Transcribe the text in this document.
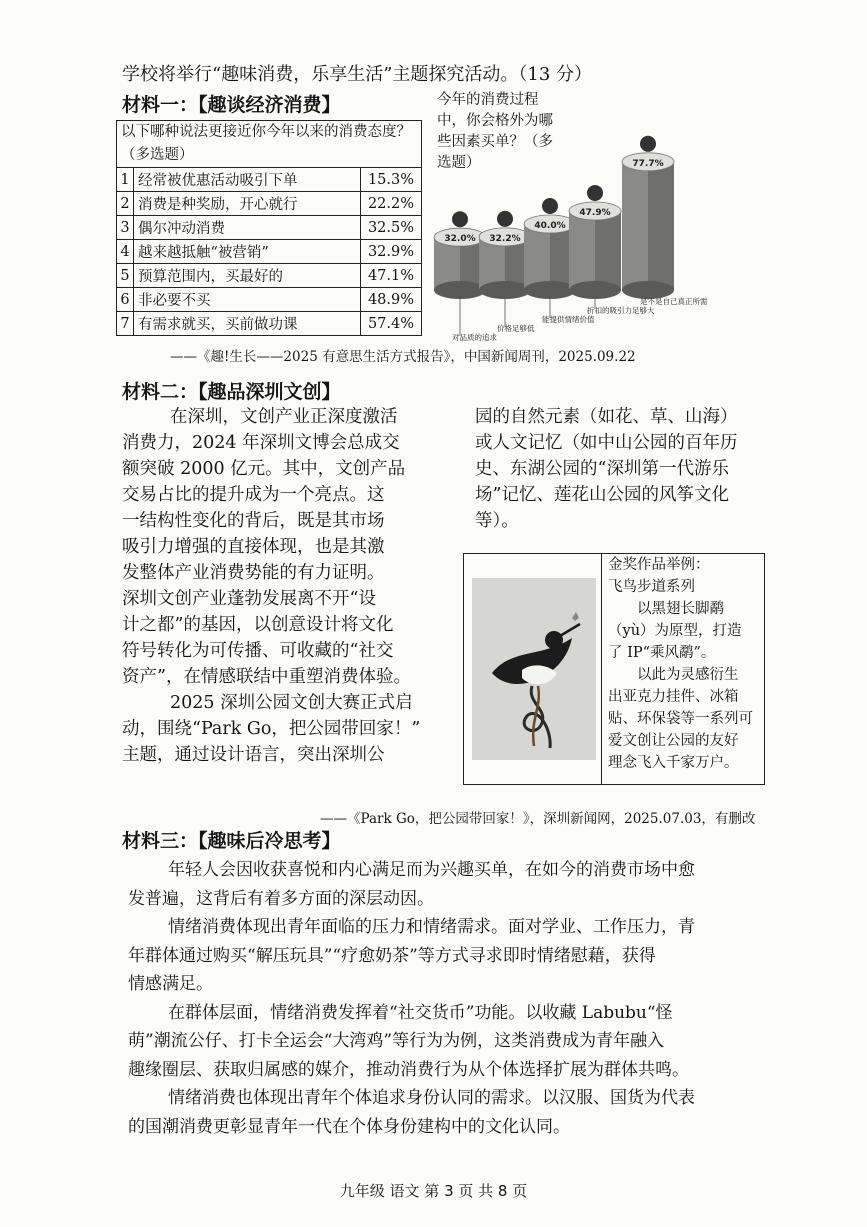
学校将举行“趣味消费，乐享生活”主题探究活动。（13 分）
材料一：【趣谈经济消费】
以下哪种说法更接近你今年以来的消费态度？（多选题）		
1	经常被优惠活动吸引下单	15.3%
2	消费是种奖励，开心就行	22.2%
3	偶尔冲动消费	32.5%
4	越来越抵触“被营销”	32.9%
5	预算范围内，买最好的	47.1%
6	非必要不买	48.9%
7	有需求就买，买前做功课	57.4%
今年的消费过程中，你会格外为哪些因素买单？（多选题）
32.0%
对品质的追求
32.2%
价格足够低
40.0%
能提供情绪价值
47.9%
折扣的吸引力足够大
77.7%
是不是自己真正所需
——《趣!生长——2025 有意思生活方式报告》，中国新闻周刊，2025.09.22
材料二：【趣品深圳文创】
在深圳，文创产业正深度激活
消费力，2024 年深圳文博会总成交
额突破 2000 亿元。其中，文创产品
交易占比的提升成为一个亮点。这
一结构性变化的背后，既是其市场
吸引力增强的直接体现，也是其激
发整体产业消费势能的有力证明。
深圳文创产业蓬勃发展离不开“设
计之都”的基因，以创意设计将文化
符号转化为可传播、可收藏的“社交
资产”，在情感联结中重塑消费体验。
2025 深圳公园文创大赛正式启
动，围绕“Park Go，把公园带回家！”
主题，通过设计语言，突出深圳公
园的自然元素（如花、草、山海）
或人文记忆（如中山公园的百年历
史、东湖公园的“深圳第一代游乐
场”记忆、莲花山公园的风筝文化
等）。
金奖作品举例：
飞鸟步道系列
以黑翅长脚鹬
（yù）为原型，打造
了 IP“乘风鹬”。
以此为灵感衍生
出亚克力挂件、冰箱
贴、环保袋等一系列可
爱文创让公园的友好
理念飞入千家万户。
——《Park Go，把公园带回家！》，深圳新闻网，2025.07.03，有删改
材料三：【趣味后冷思考】
年轻人会因收获喜悦和内心满足而为兴趣买单，在如今的消费市场中愈
发普遍，这背后有着多方面的深层动因。
情绪消费体现出青年面临的压力和情绪需求。面对学业、工作压力，青
年群体通过购买“解压玩具”“疗愈奶茶”等方式寻求即时情绪慰藉，获得
情感满足。
在群体层面，情绪消费发挥着“社交货币”功能。以收藏 Labubu“怪
萌”潮流公仔、打卡全运会“大湾鸡”等行为为例，这类消费成为青年融入
趣缘圈层、获取归属感的媒介，推动消费行为从个体选择扩展为群体共鸣。
情绪消费也体现出青年个体追求身份认同的需求。以汉服、国货为代表
的国潮消费更彰显青年一代在个体身份建构中的文化认同。
九年级 语文 第 3 页 共 8 页
